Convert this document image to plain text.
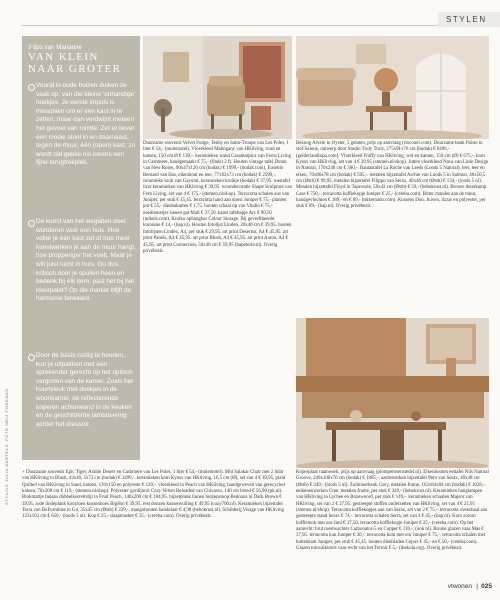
STYLEN
3 tips van Marianne
VAN KLEIN NAAR GROTER
Vooral in oude huizen duiken ze vaak op: van die kleine ‘onhandige’ hoekjes. Je eerste impuls is misschien om er een kast in te zetten, maar dan verdwijnt meteen het gevoel van ruimte. Zet er liever een mooie stoel in en daarnaast, tegen de muur, één (open) kast, zo wordt dat gekke nis ineens een fijne terugtrekplek.
De kunst van het weglaten doet wonderen voor een huis. Hoe voller je een kast zet of hoe meer kunstwerken je aan de muur hangt, hoe propperiger het voelt. Maar je wilt juist lucht in huis. Go dus kritisch door je spullen heen en bedenk bij elk item: past het bij het kleurpalet? Op die manier blijft de harmonie bewaard.
Door de basis rustig te houden, kun je uitpakken met een sprekender gerecht op het optisch vergroten van de kamer. Zoals het kuurtyleuk met doekjes in de woonkamer, de reflecterende koperen achterwand in de keuken en de geschilderde lambrisering achter het dressoir.
Duurzame souvenir Velvet Fudge, Teddy en Satin-Troupe van Les Poles, 1 liter € 54,- (molemotel). Vloerkleed Mahogany van HKliving, rond en katoen, 150 cm Ø € 139,-. keramieken wand Casamarpica van Ferns Living in Cashmere, handgemaakt € 75,- (finds) 2 ft. Houten vintage tafel Dotan van New Roses, 90x47x120 cm (bodak) € 1999,- (bodak.com). Eusebio Bernard van Has, eikenhout en leer, 77x62x73 cm (bodak) € 2599,-. ceramieke kruk van Gayumi, keramieken kruikje (bodak) € 37,95. wastafel lizzt keramieken van HKliving € 39,95. woondecoratie Shape Sculpture van Fern Living, set van 4 € 175,- (stemen.nl/shop). Terracotta schalen aus van Juniper, per stuk € 45,45. terracotta hand aan doosl Juniper € 75,- planten pot € 55,- dienbakarten € 1,75. houten schaal op van Vindio € 75,- needlemeijer sienen gat Mall € 37,50. kaars tafeltapje Arc € 90,50 (mikels.com). Kruiku ophangbar Colour Storage. Bij geverftheerde kuronnie € 14,- (bap.nl). Houten fotolijst Linden, 20x40 cm € 39,95. houten fotolijsten Linden, A4, per stuk € 29,95. art print Desertus, A4 € 45,95. art print Panels, A4 € 45,95. art print Blush, A4 € 45,95. art print Aaron, A4 € 45,95. art print Connection, 50x40 cm € 59,95 (bapetorie.nl). Overig privébezit.
Bekung Alvere in Oyster, 5 gelaten, prijs op aanvraag (rioconel.com). Duurzame bank Paiste in stof Salone, ontwerp door Studio Truly Truly, 275x91x76 cm (bodak) € 6490,- (gelderlandlopo.com). Vloerkleed Fluffy van HKliving, wol en katoen, 150 cm (Ø) € 675,-. kom Kyuss van HKliving, set van 4 € 39,95 (stemen.nl/shop). Jutten vloerkleed Nava van Linie Design in Natural, 170x240 cm € 580,-. Bautastafel La Roche van Leeds (Loods 5 Natural), leer, leer en eiken, 70x86x78 cm (bodak) € 595,-. metalen bijzettafel Archie van Loods 5 in Salmon, 40x50,5 cm (Østb) € 99,95. metalen bijzettafel Filippo van Serax, 40x46 cm (Østb) € 134,- (loods 5 nl). Metalen bijzettafel Floyd in Taprosole, 50x42 cm (Østb) € 59,- (bebokrust.nl). Bronze theerkamp Case € 750,-. terracotta koffiekopje Juniper € 25,- (cereba.com). Ritter mandes aan de muur, handgevlochten € 189,- en € 89,- (mikemado.com). Kussens Duo, Juiven, lizzar en polyester, per stuk € 89,- (bap.nl). Overig privébezit.
Koperplaat raamwerk, prijs op aanvraag (plomperosenstedel.nl). Eikenhouten eettafel Nils Natural Groove, 240x100x76 cm (bodak) € 1885,-. aardewerken bijzettafel Pero van Serax, 40x38 cm (Østb) € 349,- (loods 5 nl). Zuiltonerbank Cosy, metalen frame, 162x84x84 cm (bodak) € 1028,-. eeikenenwerken Cree, metalen frame, per stuk € 349,- (bebokrust.nl). Keramieken hanglampen van HKliving in Lychee en Rozewoord, per stuk € 149,-. keramieken schaalen Majsor van HKliving, set van 2 € 27,95. gestreepte stoffen onderzetten van HKliving, set van 4 € 21,95 (stemen.nl/shop). Terracotta koffiekopjes aan van Serax, set van 2 € 75,-. terracotta ovensbaal aan gestreepte stand Serax € 74,-. terracotta schalen Serra, set van 4 € 45,- (bap.nl). Kom zorom koffiemok met oor Juni € 17,50. terracotta koffiekopje Juniper € 25,- (cereba.com). Op het aanrecht: brut roestwachter Carbonator-5 en Copper € 110,-, (ook nl). Bruine glazen vaas Mas € 37,95. terracotta kan Juniper € 30,-. terracotta kom met oor Juniper € 75,-. terracotta schalen met buitenkant Juniper, per stuk € 45,45. houten dienbladen Cejors € 45,- en € 50,- (cereba.com). Glazen tuinvalkurels vaas recht van het Terroir € 5,- (thekola.org). Overig privébezit.
+ Duurzame souvenir Epic Tiger, Arabie Desert en Cashmere van Les Poles, 1 liter € 54,- (molemotel). Mid Salakar Chair met 2 ltdat van HKliving in Blush, 43x40, 5x73 cm (bodak) € 1499,-. keramieken kom Kyuss van HKliving, 16,5 cm (Ø), set van 4 € 39,95, plaid Quilted van HKliving in Sand, katoen, 130x150 en polyester € 129,-. vloerkleed in Peach van HKliving, handgeweven van gerecycled katoen, 70x200 cm € 119,- (stemen.nl/shop). Polyester gordijnrol Cozy Velvet Reloaded van Chivasso, 140 cm breed € 56,90 (pk.nl). Blokmattje Innsau dubbelkorreltstijl in Fruit Peach, 140x200 cm € 184,95. bijzetplank linnen huizenstoop Bedoazo in Dark Brown € 39,95. rode lindeplank koorzoen kussenhoes BigHoi € 39,95. rest donzen kussenvulling € 49,95 (cozy700.nl). Keramieken bijzettafel Terra van BoFurniture to Go, 35x45 cm (Østb) € 239,-. mangohouten kandelaar € 4,98 (bebokrust.nl). Schilderij Visage van HKliving 123x163 cm € 650,- (loods 5 nl). Kop € 25,- slaapmasker € 35,- (cereba.com). Overig privébezit.
STYLING JULIA BARTELS, FOTO MEIJ FOREMAN
vtwonen | 025
